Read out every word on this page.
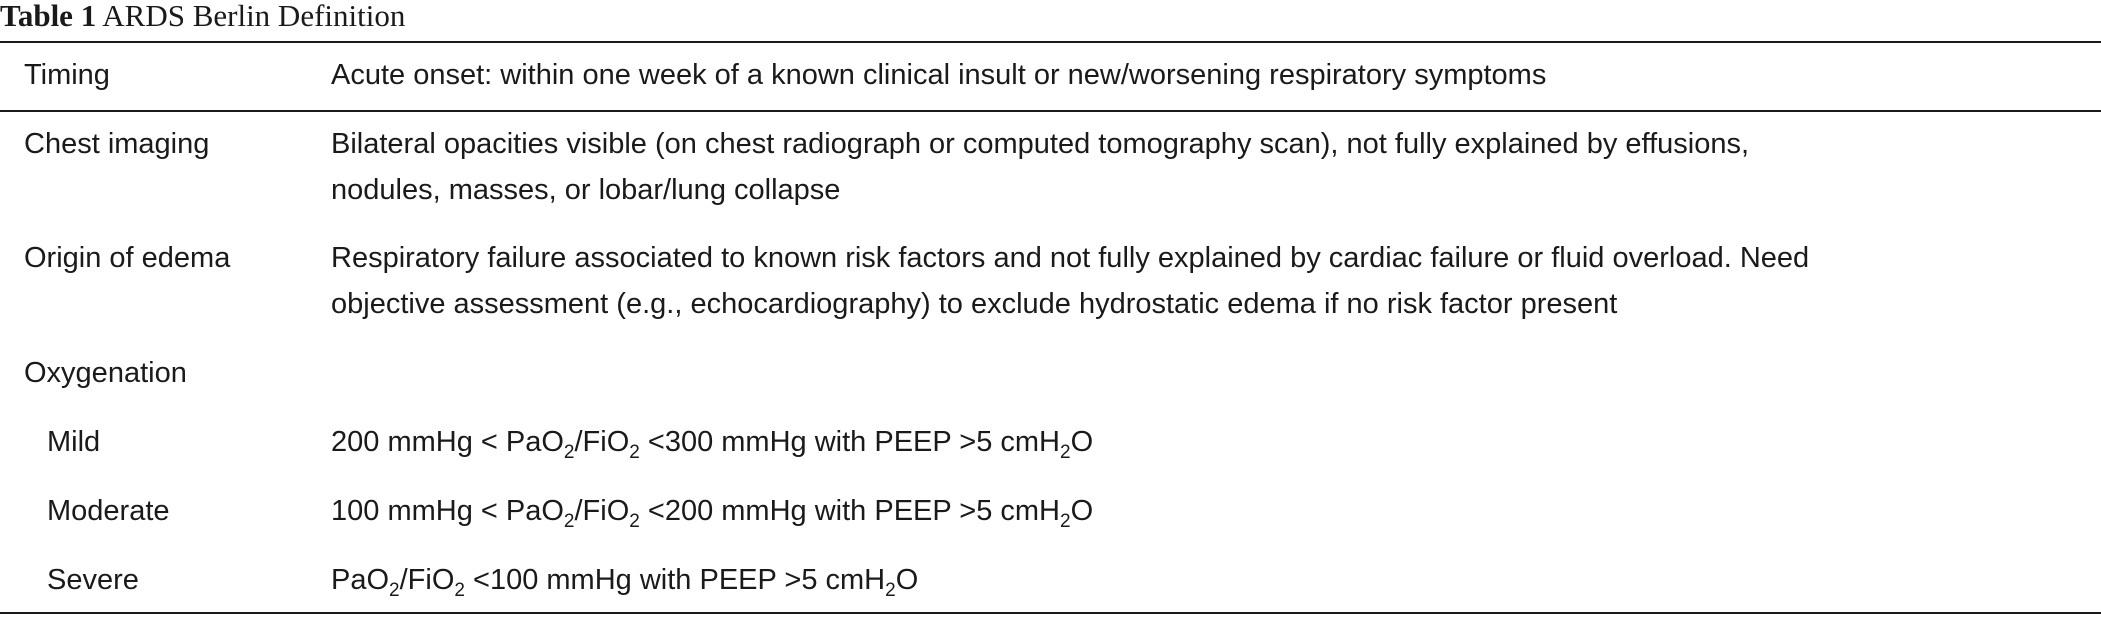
Table 1 ARDS Berlin Definition
Timing	Acute onset: within one week of a known clinical insult or new/worsening respiratory symptoms
Chest imaging	Bilateral opacities visible (on chest radiograph or computed tomography scan), not fully explained by effusions,
nodules, masses, or lobar/lung collapse
Origin of edema	Respiratory failure associated to known risk factors and not fully explained by cardiac failure or fluid overload. Need
objective assessment (e.g., echocardiography) to exclude hydrostatic edema if no risk factor present
Oxygenation
Mild	200 mmHg < PaO$_2$/FiO$_2$ <300 mmHg with PEEP >5 cmH$_2$O
Moderate	100 mmHg < PaO$_2$/FiO$_2$ <200 mmHg with PEEP >5 cmH$_2$O
Severe	PaO$_2$/FiO$_2$ <100 mmHg with PEEP >5 cmH$_2$O
